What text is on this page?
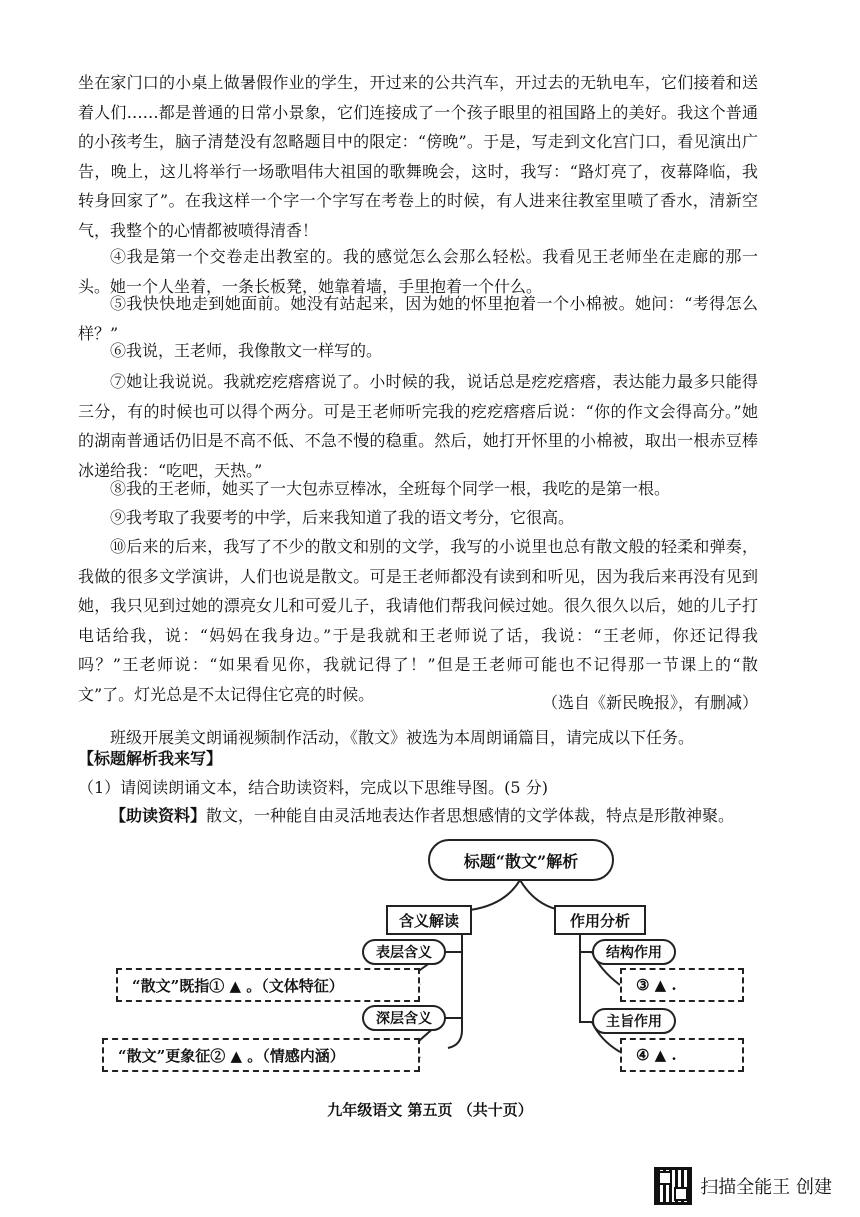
坐在家门口的小桌上做暑假作业的学生，开过来的公共汽车，开过去的无轨电车，它们接着和送着人们……都是普通的日常小景象，它们连接成了一个孩子眼里的祖国路上的美好。我这个普通的小孩考生，脑子清楚没有忽略题目中的限定：“傍晚”。于是，写走到文化宫门口，看见演出广告，晚上，这儿将举行一场歌唱伟大祖国的歌舞晚会，这时，我写：“路灯亮了，夜幕降临，我转身回家了”。在我这样一个字一个字写在考卷上的时候，有人进来往教室里喷了香水，清新空气，我整个的心情都被喷得清香！

④我是第一个交卷走出教室的。我的感觉怎么会那么轻松。我看见王老师坐在走廊的那一头。她一个人坐着，一条长板凳，她靠着墙，手里抱着一个什么。

⑤我快快地走到她面前。她没有站起来，因为她的怀里抱着一个小棉被。她问：“考得怎么样？”

⑥我说，王老师，我像散文一样写的。

⑦她让我说说。我就疙疙瘩瘩说了。小时候的我，说话总是疙疙瘩瘩，表达能力最多只能得三分，有的时候也可以得个两分。可是王老师听完我的疙疙瘩瘩后说：“你的作文会得高分。”她的湖南普通话仍旧是不高不低、不急不慢的稳重。然后，她打开怀里的小棉被，取出一根赤豆棒冰递给我：“吃吧，天热。”

⑧我的王老师，她买了一大包赤豆棒冰，全班每个同学一根，我吃的是第一根。

⑨我考取了我要考的中学，后来我知道了我的语文考分，它很高。

⑩后来的后来，我写了不少的散文和别的文学，我写的小说里也总有散文般的轻柔和弹奏，我做的很多文学演讲，人们也说是散文。可是王老师都没有读到和听见，因为我后来再没有见到她，我只见到过她的漂亮女儿和可爱儿子，我请他们帮我问候过她。很久很久以后，她的儿子打电话给我，说：“妈妈在我身边。”于是我就和王老师说了话，我说：“王老师，你还记得我吗？”王老师说：“如果看见你，我就记得了！”但是王老师可能也不记得那一节课上的“散文”了。灯光总是不太记得住它亮的时候。	（选自《新民晚报》，有删减）

班级开展美文朗诵视频制作活动，《散文》被选为本周朗诵篇目，请完成以下任务。

【标题解析我来写】
（1）请阅读朗诵文本，结合助读资料，完成以下思维导图。(5 分)
【助读资料】散文，一种能自由灵活地表达作者思想感情的文学体裁，特点是形散神聚。
标题“散文”解析
含义解读	作用分析
表层含义
深层含义
结构作用
主旨作用
“散文”既指① ▲ 。（文体特征）
“散文”更象征② ▲ 。（情感内涵）
③ ▲ .
④ ▲ .
九年级语文 第五页 （共十页）
扫描全能王 创建
